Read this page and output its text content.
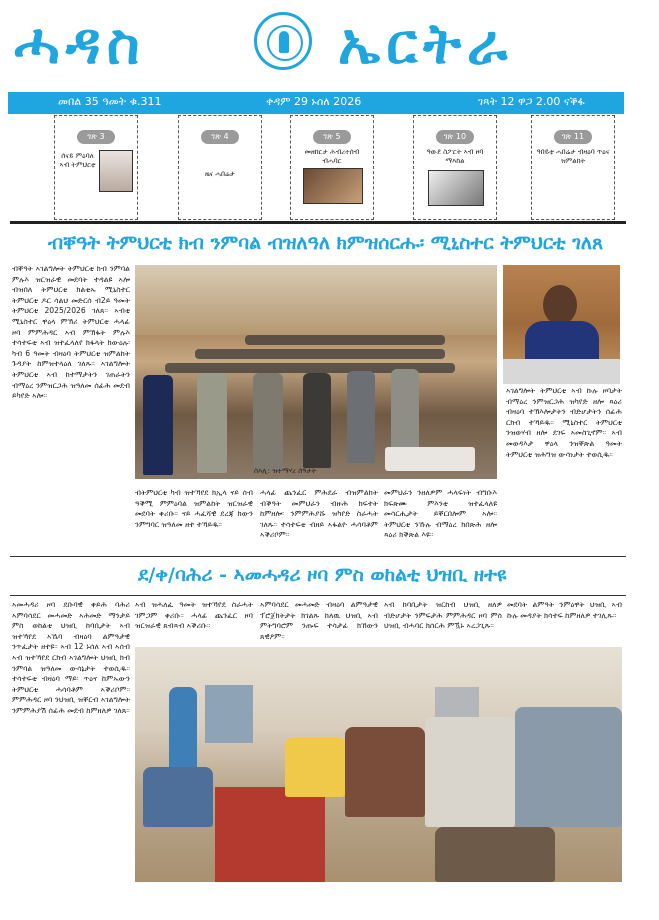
ሓዳስ	ኤርትራ
መበል 35 ዓመት ቁ.311	ቀዳም 29 ኑሰለ 2026	ገጻት 12 ዋጋ 2.00 ናቕፋ
ገጽ 3
ሰናይ ምዕባለ ኣብ ትምህርቲ
ገጽ 4
ዜና ሓበሬታ
ገጽ 5
መዘከርታ ሕብረተሰብ ብሓባር
ገጽ 10
ዓውደ ስፖርት ኣብ ዞባ ማእከል
ገጽ 11
ዓበይቲ ሓበሬታ ብዛዕባ ጥዕና ዝምልከት
ብቐዓት ትምህርቲ ክብ ንምባል ብዝለዓለ ክምዝሰርሑ፡ ሚኒስተር ትምህርቲ ገለጸ
ብቐዓት ኣገልግሎት ትምህርቲ ክብ ንምባል ምሉእ ዝርዝራዊ መደባት ተዳልዩ ኣሎ ብዝበለ ትምህርቲ ክልቲኡ ሚኒስተር ትምህርቲ ዶር ሳልህ መድርሰ ብ2ይ ዓመት ትምህርቲ 2025/2026 ገለጸ። ኣብቲ ሚኒስተር ዋዕላ ምኽሪ ትምህርቲ ሓላፊ ዞባ ምምሕዳር ኣብ ምኽፋት ምሉእ ተሳተፍቲ ኣብ ዝተፈላለየ ክፋላት ክውዕሉ፡ ካብ 6 ዓመት ብዛዕባ ትምህርቲ ዝምልከት ጉዳያት ከምዝተላዕለ ገለጹ። ኣገልግሎት ትምህርቲ ኣብ ከተማታትን ገጠራትን ብማዕረ ንምዝርጋሕ ዝዓለመ ሰፊሕ መደብ ይካየድ ኣሎ።
ስእሊ: ዝተማሃረ ሰዓታት
ብትምህርቲ ካብ ዝተኻየደ ክኢላ ናይ ሰብ ዓቕሚ ምምዕባል ዝምልከት ዝርዝራዊ መደባት ቀሪቡ። ናይ ሓፈሻዊ ደረጃ ክውን ንምግባር ዝዓለመ ዘተ ተኻይዱ።
ሓላፊ ጨንፈር ምሕደራ ብዝምልከት ብቕዓት መምህራን ብዙሕ ክፍተት ከምዘሎ፡ ንምምሕያሹ ዝካየድ ስራሓት ገለጹ። ተሳተፍቲ ብዘይ ኣፋልዮ ሓሳባቶም ኣቕሪቦም።
መምህራን ንዘለዎም ሓላፍነት ብግቡእ ክፍጽሙ ምእንቲ ዝተፈላለዩ መሳርሒታት ይቐርበሎም ኣሎ። ትምህርቲ ንኹሉ ብማዕረ ክበጽሕ ዘሎ ጻዕሪ ክቕጽል እዩ።
ኣገልግሎት ትምህርቲ ኣብ ኩሉ ዞባታት ብማዕረ ንምዝርጋሕ ዝካየድ ዘሎ ጻዕሪ ብዛዕባ ተኽእሎታትን ብድሆታትን ሰፊሕ ርክብ ተኻይዱ። ሚኒስተር ትምህርቲ ንዝወሃብ ዘሎ ደገፍ ኣመስጊኖም። ኣብ መወዳእታ ዋዕላ ንዝቐጽል ዓመት ትምህርቲ ዝሕግዝ ውሳነታት ተወሲዱ።
ደ/ቀ/ባሕሪ - ኣመሓዳሪ ዞባ ምስ ወከልቲ ህዝቢ ዘተዩ
ኣመሓዳሪ ዞባ ደቡባዊ ቀይሕ ባሕሪ ኣምባሳደር መሓመድ ኣሕመድ ማንታይ ምስ ወከልቲ ህዝቢ ከባቢታት ኣብ ዝተኻየደ ኣኼባ ብዛዕባ ልምዓታዊ ንጥፈታት ዘተዩ። ኣብ 12 ኑሰለ ኣብ ኣሰብ ኣብ ዝተኻየደ ርክብ ኣገልግሎት ህዝቢ ክብ ንምባል ዝዓለመ ውሳኔታት ተወሲዱ። ተሳተፍቲ ብዛዕባ ማይ፡ ጥዕና ከምኡውን ትምህርቲ ሓሳባቶም ኣቕሪቦም። ምምሕዳር ዞባ ንህዝቢ ዝቐርብ ኣገልግሎት ንምምሕያሽ ሰፊሕ መደብ ከምዘለዎ ገለጸ።
ኣብ ዝሓለፈ ዓመት ዝተኻየደ ስራሓት ገምጋም ቀሪቡ። ሓላፊ ጨንፈር ዞባ ዝርዝራዊ ጸብጻብ ኣቕሪቡ።
ኣምባሳደር መሓመድ ብዛዕባ ልምዓታዊ ፕሮጀክትታት ክገልጹ ከለዉ ህዝቢ ኣብ ምትግባሮም ንጡፍ ተሳታፊ ክኸውን ጸዊዖም።
ኣብ ከባቢታት ዝርከብ ህዝቢ ዘለዎ ብድሆታት ንምፍታሕ ምምሕዳር ዞባ ምስ ህዝቢ ብሓባር ክሰርሕ ምዃኑ ኣረጋጊጹ።
መደባት ልምዓት ንምዕዋት ህዝቢ ኣብ ኩሉ መዳያት ክሳተፍ ከምዘለዎ ተገሊጹ።
